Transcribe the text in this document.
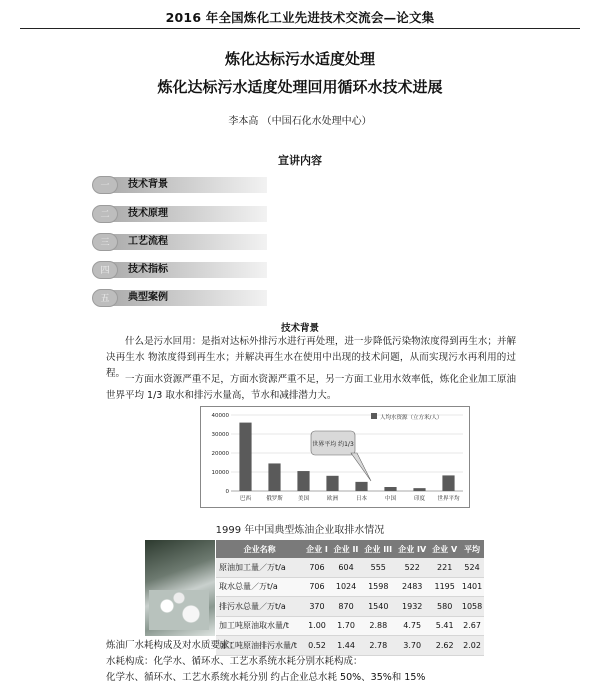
2016 年全国炼化工业先进技术交流会—论文集
炼化达标污水适度处理
炼化达标污水适度处理回用循环水技术进展
李本高 （中国石化水处理中心）
宣讲内容
一	技术背景
二	技术原理
三	工艺流程
四	技术指标
五	典型案例
技术背景
什么是污水回用：是指对达标外排污水进行再处理，进一步降低污染物浓度得到再生水；并解决再生水 物浓度得到再生水；并解决再生水在使用中出现的技术问题，从而实现污水再利用的过程。
一方面水资源严重不足，方面水资源严重不足，另一方面工业用水效率低，炼化企业加工原油世界平均 1/3 取水和排污水量高，节水和减排潜力大。
巴西	俄罗斯	美国	欧洲	日本	中国	印度 世界平均
40000
30000
20000
10000
0
人均水资源（立方米/人）
世界平均 约1/3
1999 年中国典型炼油企业取排水情况
企业名称	企业 I	企业 II	企业 III	企业 IV	企业 V	平均
原油加工量／万t/a	706	604	555	522	221	524
取水总量／万t/a	706	1024	1598	2483	1195	1401
排污水总量／万t/a	370	870	1540	1932	580	1058
加工吨原油取水量/t	1.00	1.70	2.88	4.75	5.41	2.67
加工吨原油排污水量/t	0.52	1.44	2.78	3.70	2.62	2.02
炼油厂水耗构成及对水质要求：
水耗构成：化学水、循环水、工艺水系统水耗分别水耗构成：
化学水、循环水、工艺水系统水耗分别 约占企业总水耗 50%、35%和 15%
